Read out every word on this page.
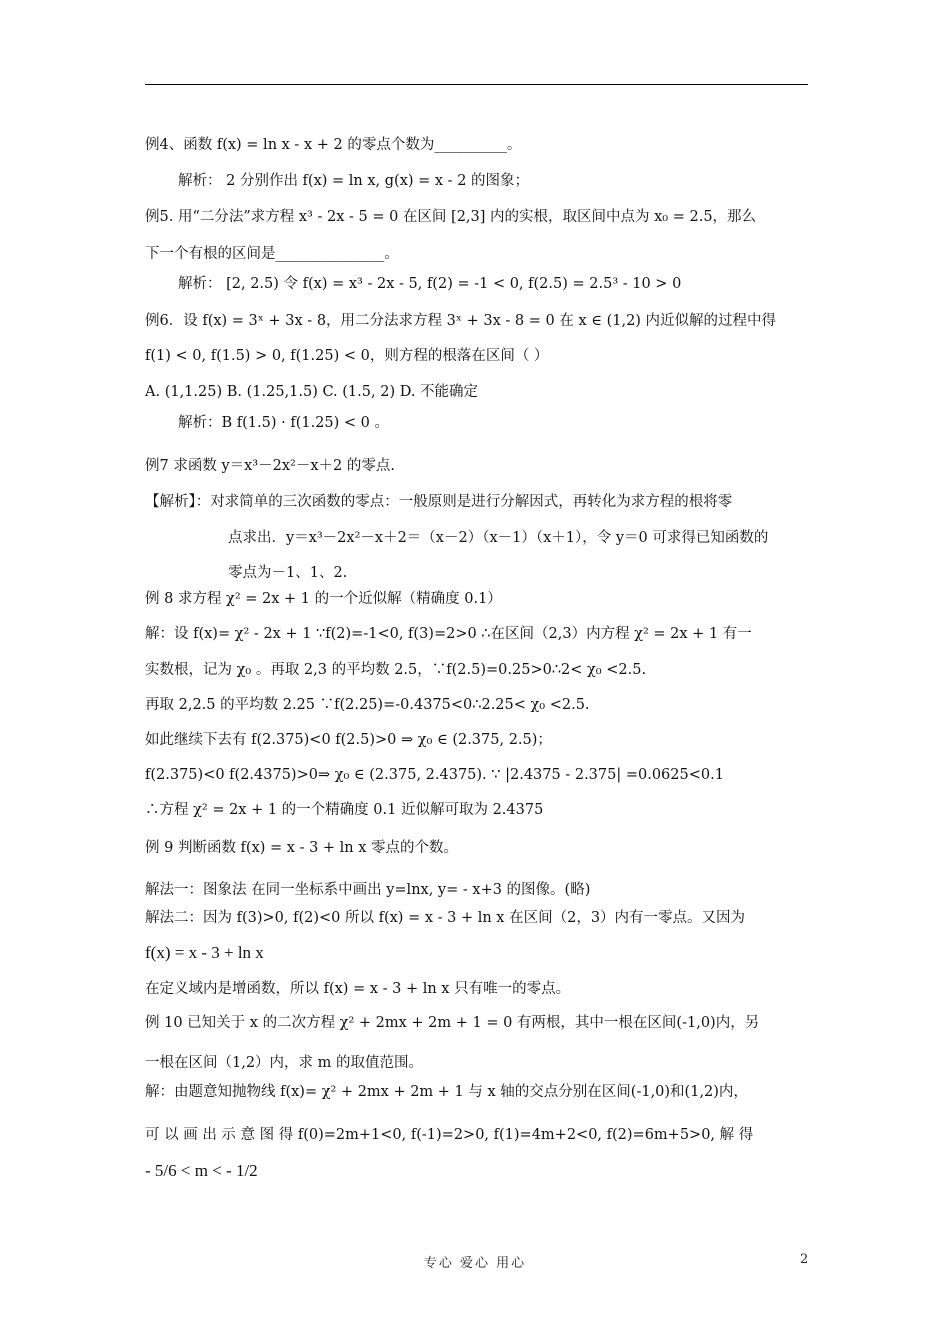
例4、函数 f(x) = ln x - x + 2 的零点个数为__________。
解析： 2 分别作出 f(x) = ln x, g(x) = x - 2 的图象；
例5. 用“二分法”求方程 x³ - 2x - 5 = 0 在区间 [2,3] 内的实根，取区间中点为 x₀ = 2.5，那么
下一个有根的区间是_______________。
解析： [2, 2.5) 令 f(x) = x³ - 2x - 5, f(2) = -1 < 0, f(2.5) = 2.5³ - 10 > 0
例6．设 f(x) = 3ˣ + 3x - 8，用二分法求方程 3ˣ + 3x - 8 = 0 在 x ∈ (1,2) 内近似解的过程中得
f(1) < 0, f(1.5) > 0, f(1.25) < 0，则方程的根落在区间（ ）
A. (1,1.25) B. (1.25,1.5) C. (1.5, 2) D. 不能确定
解析：B f(1.5) · f(1.25) < 0 。
例7 求函数 y＝x³－2x²－x＋2 的零点.
【解析】：对求简单的三次函数的零点：一般原则是进行分解因式，再转化为求方程的根将零
点求出．y＝x³－2x²－x＋2＝（x－2）（x－1）（x＋1），令 y＝0 可求得已知函数的
零点为－1、1、2.
例 8 求方程 χ² = 2x + 1 的一个近似解（精确度 0.1）
解：设 f(x)= χ² - 2x + 1 ∵f(2)=-1<0, f(3)=2>0 ∴在区间（2,3）内方程 χ² = 2x + 1 有一
实数根，记为 χ₀ 。再取 2,3 的平均数 2.5，∵f(2.5)=0.25>0∴2< χ₀ <2.5.
再取 2,2.5 的平均数 2.25 ∵f(2.25)=-0.4375<0∴2.25< χ₀ <2.5.
如此继续下去有 f(2.375)<0 f(2.5)>0 ⇒ χ₀ ∈ (2.375, 2.5)；
f(2.375)<0 f(2.4375)>0⇒ χ₀ ∈ (2.375, 2.4375). ∵ |2.4375 - 2.375| =0.0625<0.1
∴方程 χ² = 2x + 1 的一个精确度 0.1 近似解可取为 2.4375
例 9 判断函数 f(x) = x - 3 + ln x 零点的个数。
解法一：图象法 在同一坐标系中画出 y=lnx, y= - x+3 的图像。(略)
解法二：因为 f(3)>0, f(2)<0 所以 f(x) = x - 3 + ln x 在区间（2，3）内有一零点。又因为
f(x) = x - 3 + ln x
在定义域内是增函数，所以 f(x) = x - 3 + ln x 只有唯一的零点。
例 10 已知关于 x 的二次方程 χ² + 2mx + 2m + 1 = 0 有两根，其中一根在区间(-1,0)内，另
一根在区间（1,2）内，求 m 的取值范围。
解：由题意知抛物线 f(x)= χ² + 2mx + 2m + 1 与 x 轴的交点分别在区间(-1,0)和(1,2)内，
可 以 画 出 示 意 图 得 f(0)=2m+1<0, f(-1)=2>0, f(1)=4m+2<0, f(2)=6m+5>0, 解 得
- 5/6 < m < - 1/2
专心 爱心 用心	2
